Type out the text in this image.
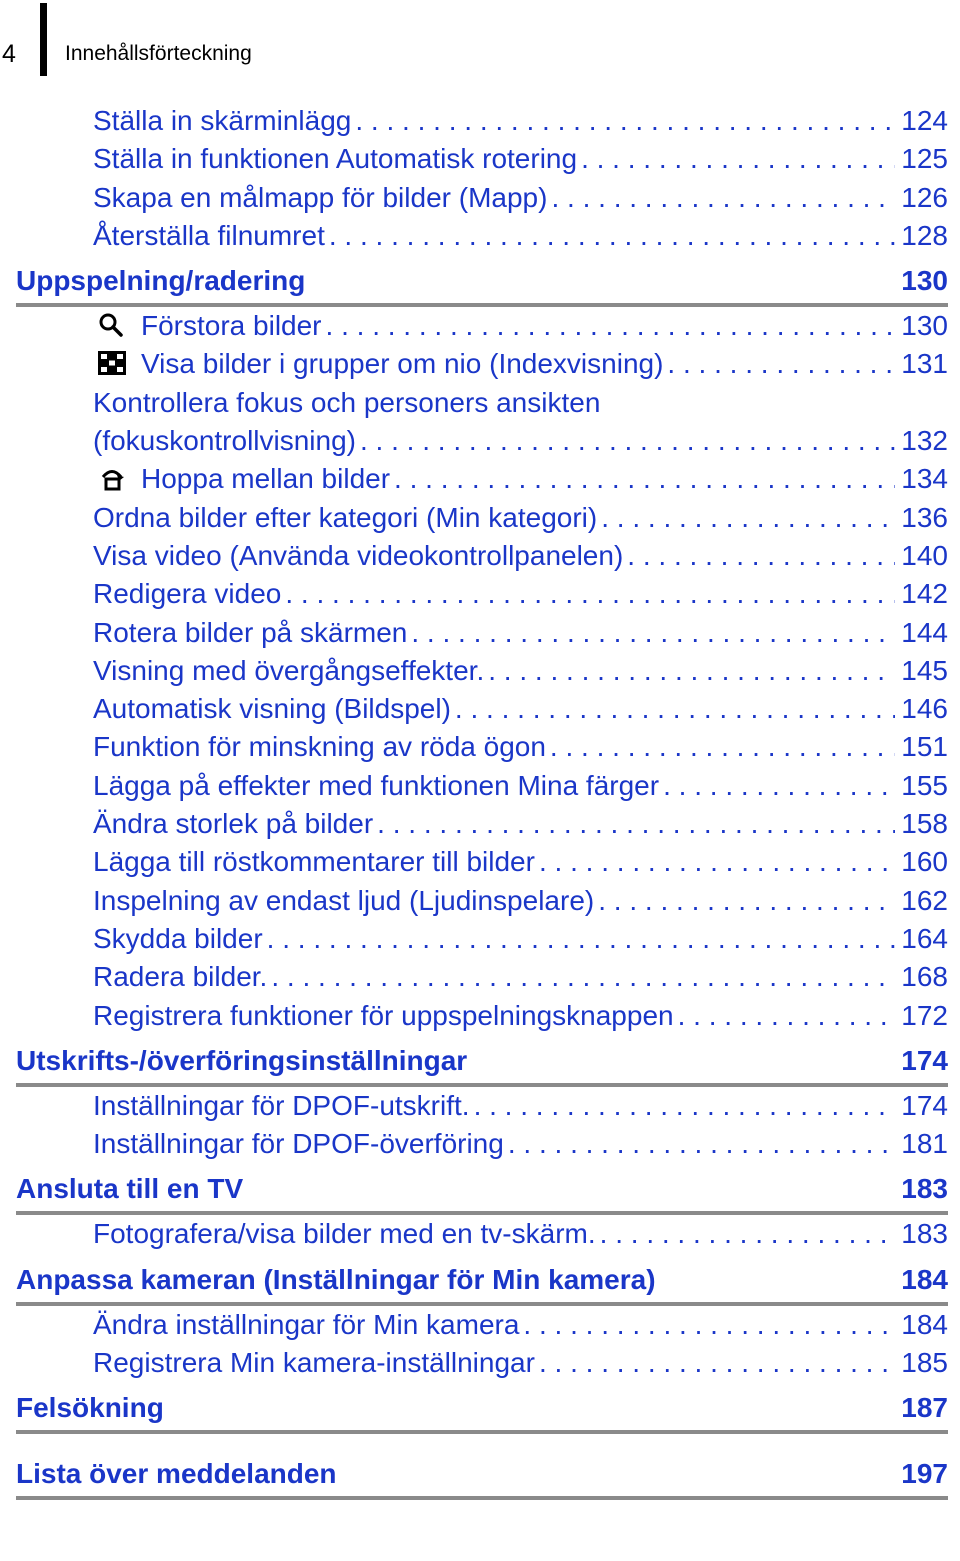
4 Innehållsförteckning
Ställa in skärminlägg . . .	124
Ställa in funktionen Automatisk rotering . . .	125
Skapa en målmapp för bilder (Mapp) . . .	126
Återställa filnumret . . .	128
Uppspelning/radering	130
Förstora bilder . . .	130
Visa bilder i grupper om nio (Indexvisning) . . .	131
Kontrollera fokus och personers ansikten
(fokuskontrollvisning) . . .	132
Hoppa mellan bilder . . .	134
Ordna bilder efter kategori (Min kategori) . . .	136
Visa video (Använda videokontrollpanelen) . . .	140
Redigera video . . .	142
Rotera bilder på skärmen . . .	144
Visning med övergångseffekter. . . .	145
Automatisk visning (Bildspel) . . .	146
Funktion för minskning av röda ögon . . .	151
Lägga på effekter med funktionen Mina färger . . .	155
Ändra storlek på bilder . . .	158
Lägga till röstkommentarer till bilder . . .	160
Inspelning av endast ljud (Ljudinspelare) . . .	162
Skydda bilder . . .	164
Radera bilder. . . .	168
Registrera funktioner för uppspelningsknappen . . .	172
Utskrifts-/överföringsinställningar	174
Inställningar för DPOF-utskrift. . . .	174
Inställningar för DPOF-överföring . . .	181
Ansluta till en TV	183
Fotografera/visa bilder med en tv-skärm. . . .	183
Anpassa kameran (Inställningar för Min kamera)	184
Ändra inställningar för Min kamera . . .	184
Registrera Min kamera-inställningar . . .	185
Felsökning	187
Lista över meddelanden	197
